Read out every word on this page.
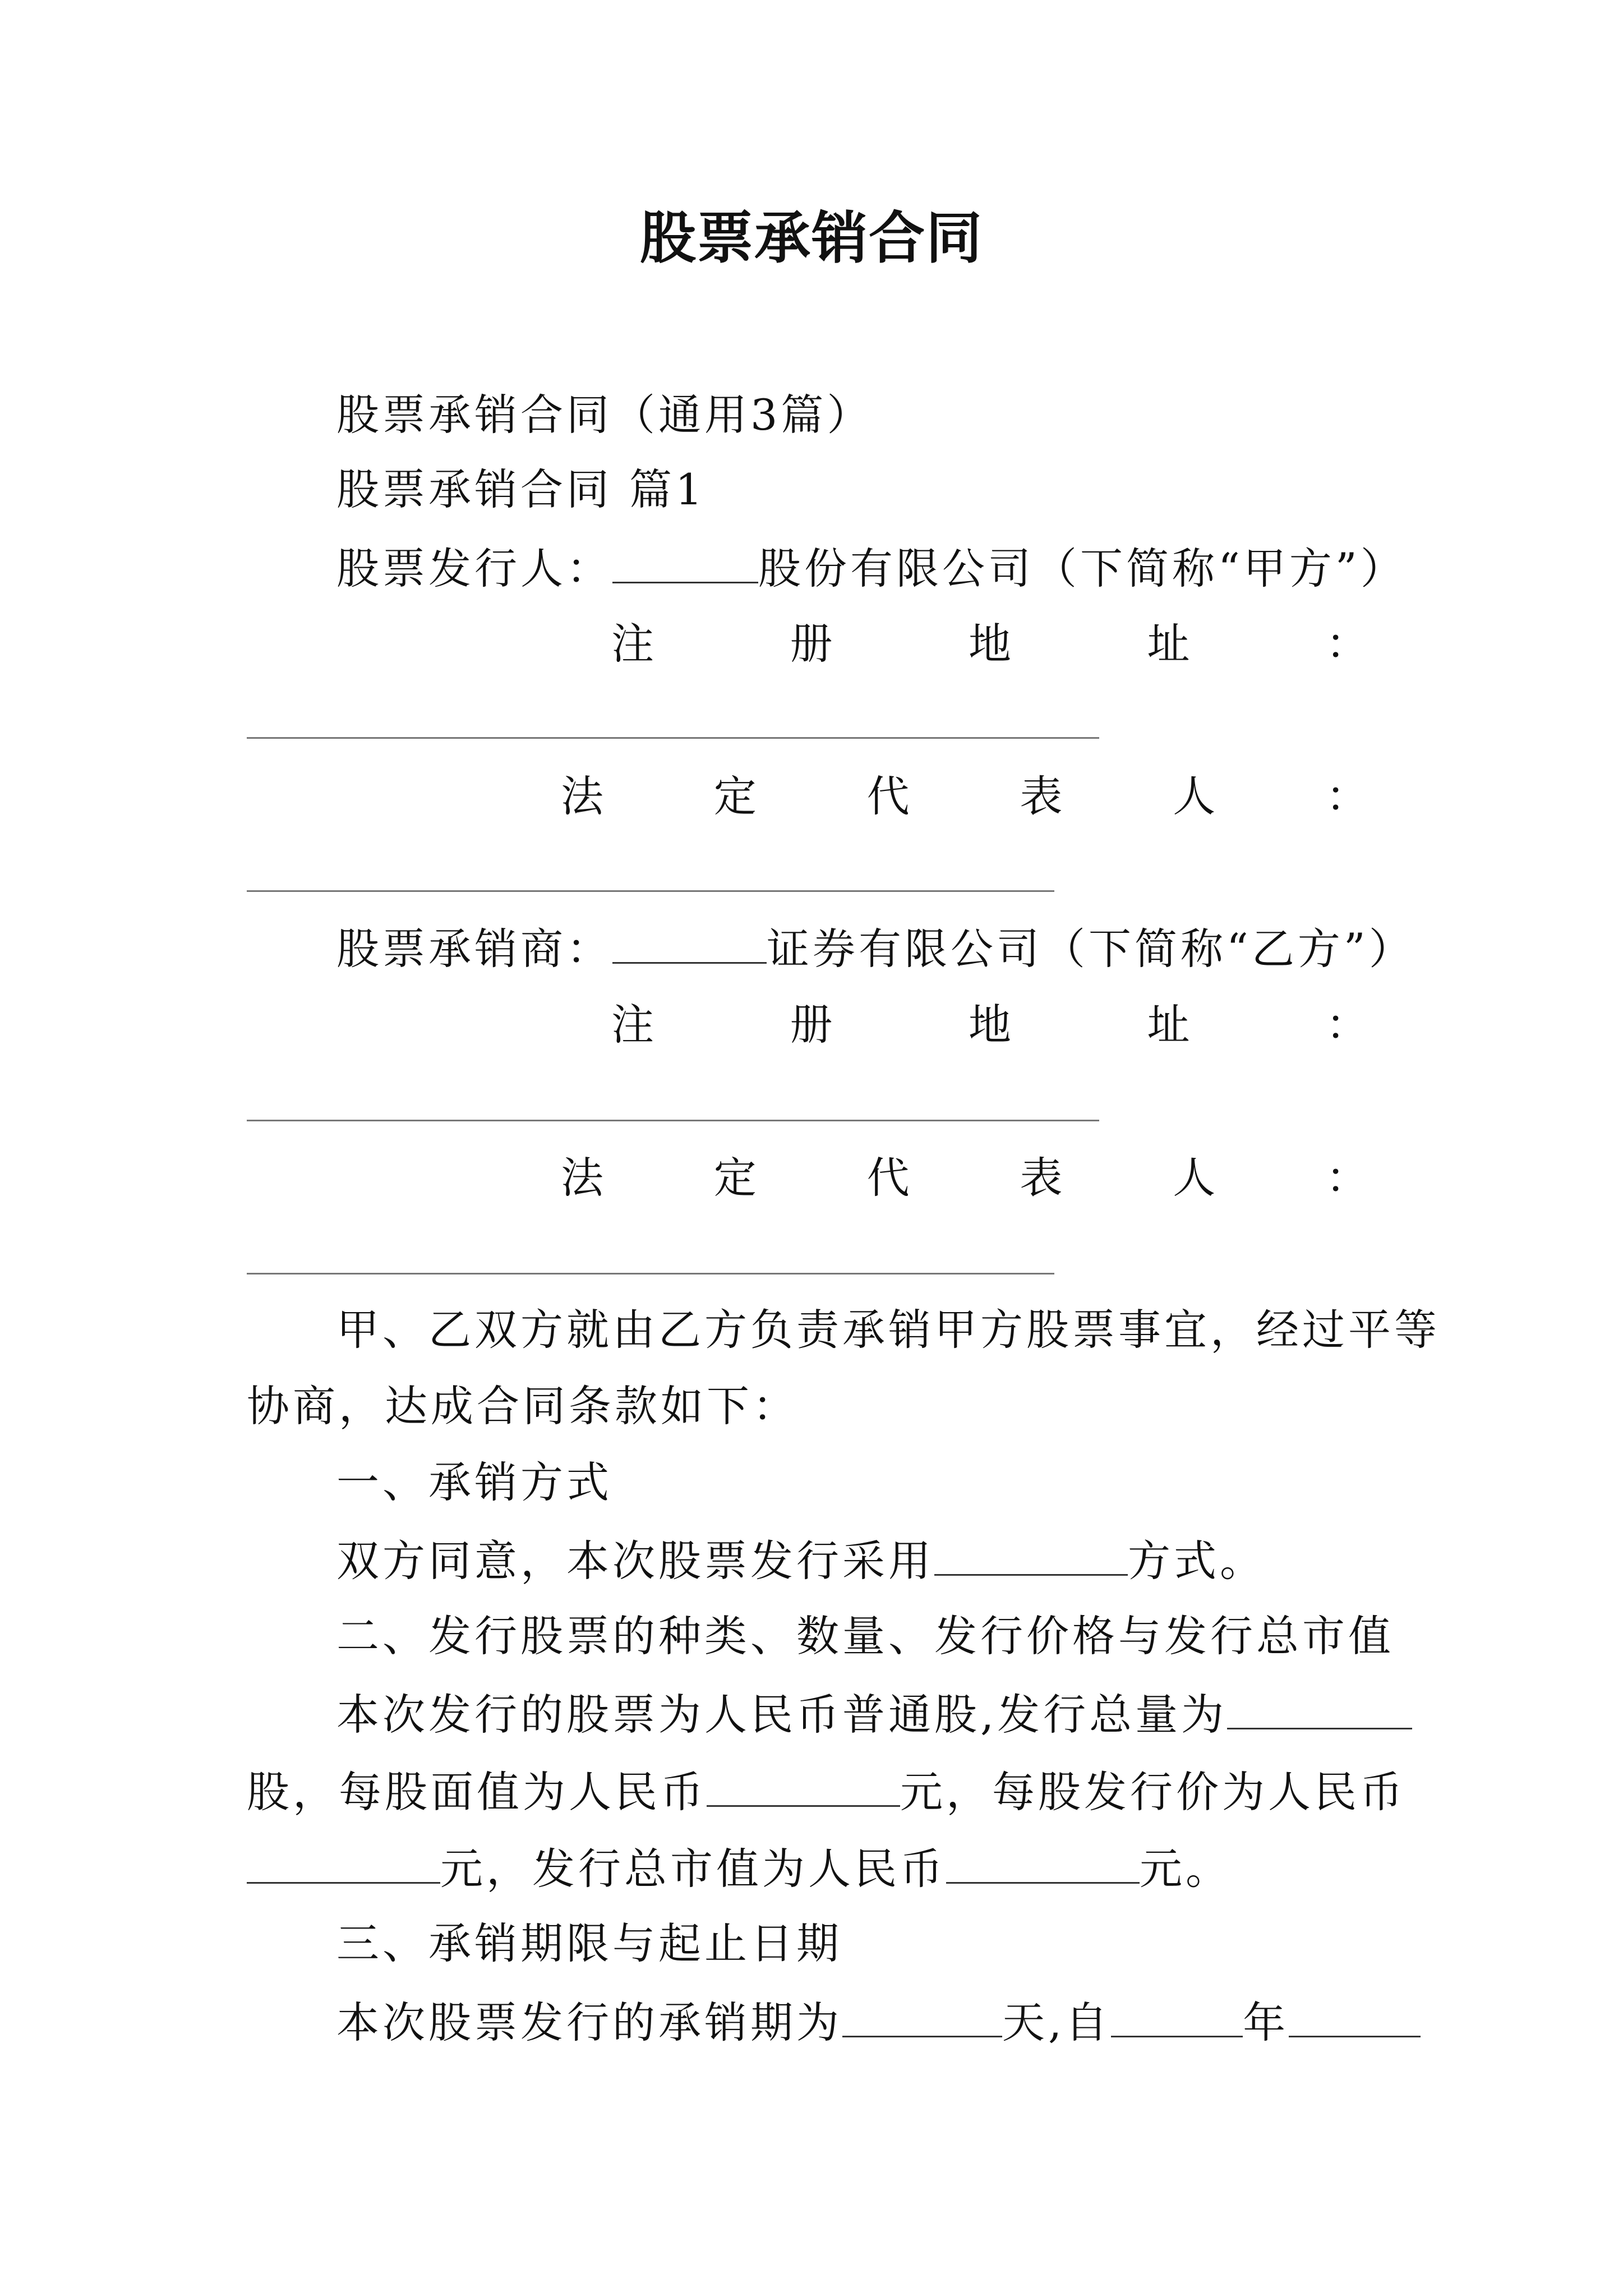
股票承销合同
股票承销合同（通用3篇）
股票承销合同 篇1
股票发行人：	股份有限公司（下简称“甲方”）
注	册	地	址	：
法	定	代	表	人	：
股票承销商：	证券有限公司（下简称“乙方”）
注	册	地	址	：
法	定	代	表	人	：
甲、乙双方就由乙方负责承销甲方股票事宜，经过平等
协商，达成合同条款如下：
一、承销方式
双方同意，本次股票发行采用	方式。
二、发行股票的种类、数量、发行价格与发行总市值
本次发行的股票为人民币普通股,发行总量为
股，每股面值为人民币	元，每股发行价为人民币
元，发行总市值为人民币	元。
三、承销期限与起止日期
本次股票发行的承销期为	天,自	年
